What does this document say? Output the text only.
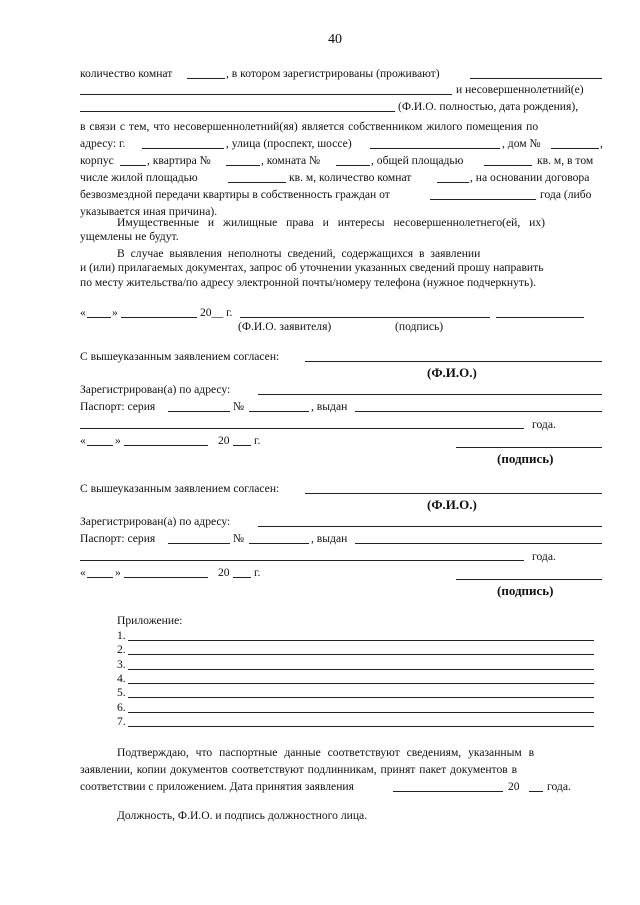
40
количество комнат	, в котором зарегистрированы (проживают)
и несовершеннолетний(е)
(Ф.И.О. полностью, дата рождения),
в связи с тем, что несовершеннолетний(яя) является собственником жилого помещения по
адресу: г.	, улица (проспект, шоссе)	, дом №	,
корпус	, квартира №	, комната №	, общей площадью	кв. м, в том
числе жилой площадью	кв. м, количество комнат	, на основании договора
безвозмездной передачи квартиры в собственность граждан от	года (либо
указывается иная причина).
Имущественные и жилищные права и интересы несовершеннолетнего(ей, их)
ущемлены не будут.
В случае выявления неполноты сведений, содержащихся в заявлении
и (или) прилагаемых документах, запрос об уточнении указанных сведений прошу направить
по месту жительства/по адресу электронной почты/номеру телефона (нужное подчеркнуть).
« »	20__ г.
(Ф.И.О. заявителя)	(подпись)
С вышеуказанным заявлением согласен:
(Ф.И.О.)
Зарегистрирован(а) по адресу:
Паспорт: серия	№	, выдан
года.
«	»	20 г.
(подпись)
С вышеуказанным заявлением согласен:
(Ф.И.О.)
Зарегистрирован(а) по адресу:
Паспорт: серия	№	, выдан
года.
«	»	20 г.
(подпись)
Приложение:
1.
2.
3.
4.
5.
6.
7.
Подтверждаю, что паспортные данные соответствуют сведениям, указанным в
заявлении, копии документов соответствуют подлинникам, принят пакет документов в
соответствии с приложением. Дата принятия заявления	20 года.
Должность, Ф.И.О. и подпись должностного лица.
